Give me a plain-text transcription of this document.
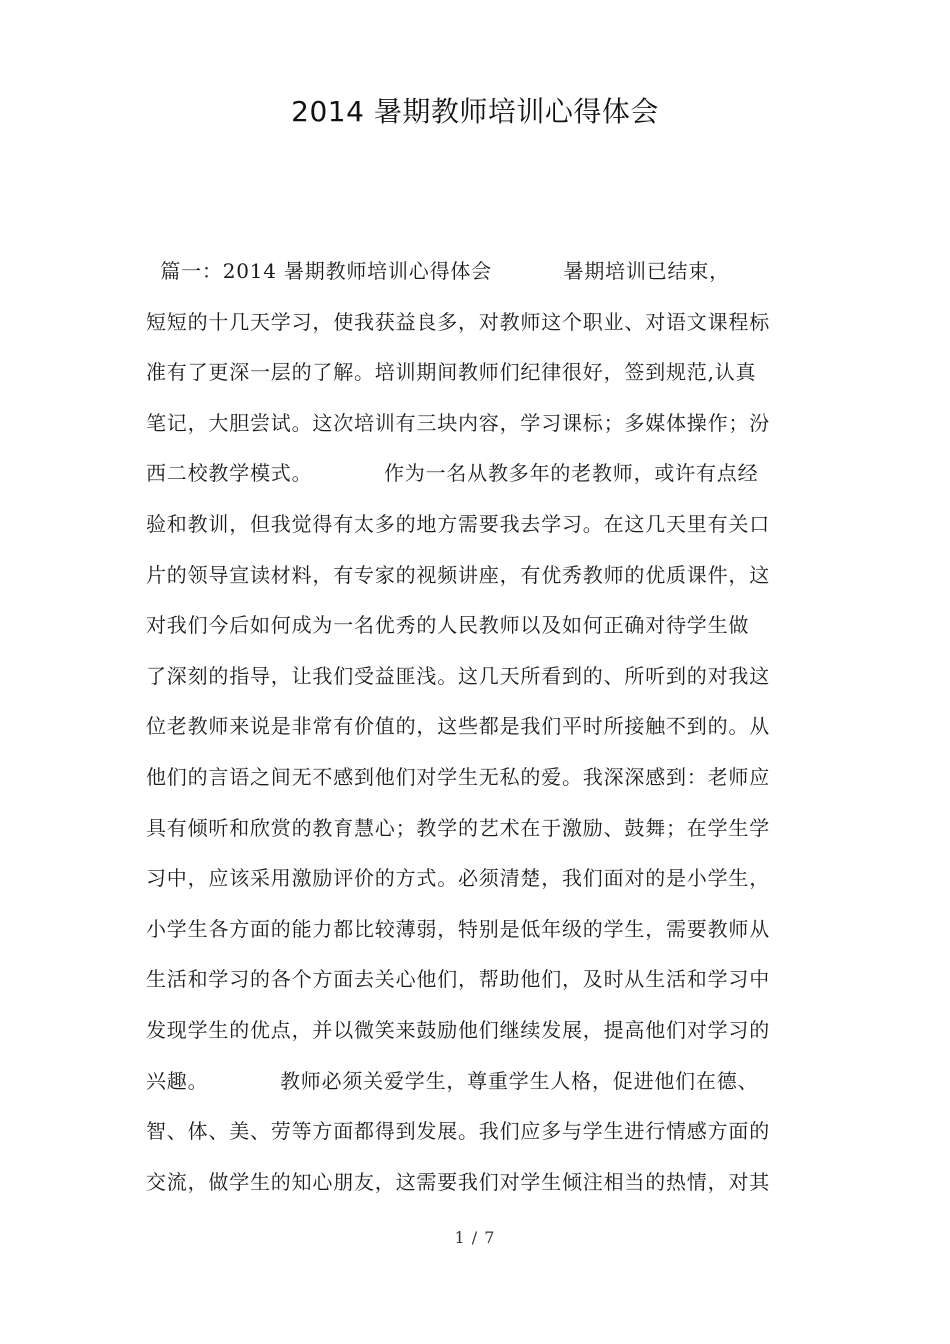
2014 暑期教师培训心得体会
篇一：2014 暑期教师培训心得体会          暑期培训已结束，
短短的十几天学习，使我获益良多，对教师这个职业、对语文课程标
准有了更深一层的了解。培训期间教师们纪律很好，签到规范,认真
笔记，大胆尝试。这次培训有三块内容，学习课标；多媒体操作；汾
西二校教学模式。          作为一名从教多年的老教师，或许有点经
验和教训，但我觉得有太多的地方需要我去学习。在这几天里有关口
片的领导宣读材料，有专家的视频讲座，有优秀教师的优质课件，这
对我们今后如何成为一名优秀的人民教师以及如何正确对待学生做
了深刻的指导，让我们受益匪浅。这几天所看到的、所听到的对我这
位老教师来说是非常有价值的，这些都是我们平时所接触不到的。从
他们的言语之间无不感到他们对学生无私的爱。我深深感到：老师应
具有倾听和欣赏的教育慧心；教学的艺术在于激励、鼓舞；在学生学
习中，应该采用激励评价的方式。必须清楚，我们面对的是小学生，
小学生各方面的能力都比较薄弱，特别是低年级的学生，需要教师从
生活和学习的各个方面去关心他们，帮助他们，及时从生活和学习中
发现学生的优点，并以微笑来鼓励他们继续发展，提高他们对学习的
兴趣。          教师必须关爱学生，尊重学生人格，促进他们在德、
智、体、美、劳等方面都得到发展。我们应多与学生进行情感方面的
交流，做学生的知心朋友，这需要我们对学生倾注相当的热情，对其
1 / 7
